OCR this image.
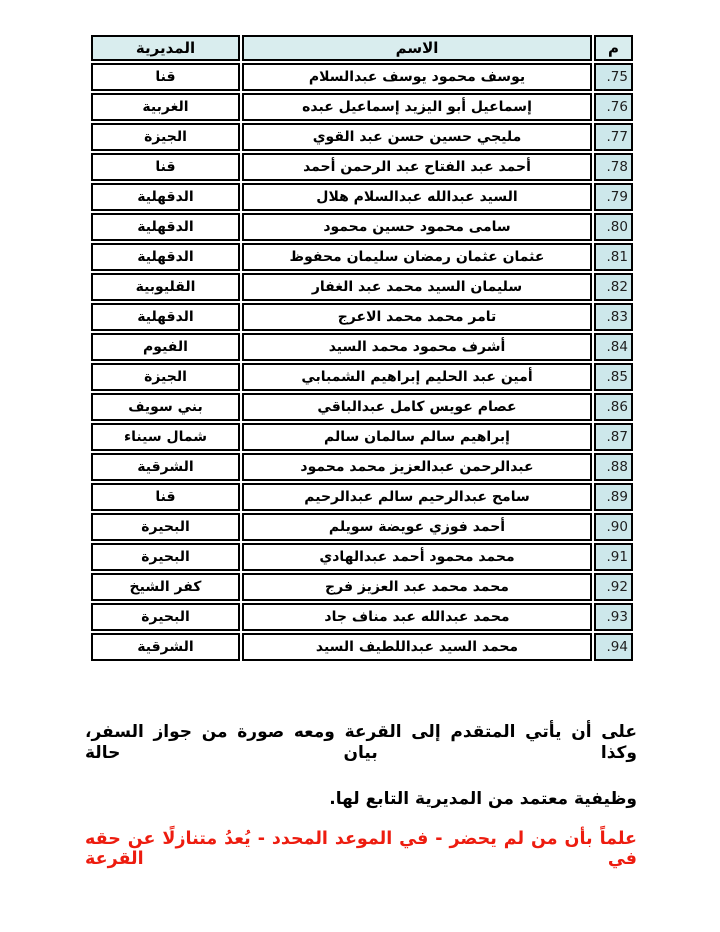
م	الاسم	المديرية
.75	يوسف محمود يوسف عبدالسلام	قنا
.76	إسماعيل أبو اليزيد إسماعيل عبده	الغربية
.77	مليجي حسين حسن عبد القوي	الجيزة
.78	أحمد عبد الفتاح عبد الرحمن أحمد	قنا
.79	السيد عبدالله عبدالسلام هلال	الدقهلية
.80	سامى محمود حسين محمود	الدقهلية
.81	عثمان عثمان رمضان سليمان محفوظ	الدقهلية
.82	سليمان السيد محمد عبد الغفار	القليوبية
.83	تامر محمد محمد الاعرج	الدقهلية
.84	أشرف محمود محمد السيد	الفيوم
.85	أمين عبد الحليم إبراهيم الشمبابي	الجيزة
.86	عصام عويس كامل عبدالباقي	بني سويف
.87	إبراهيم سالم سالمان سالم	شمال سيناء
.88	عبدالرحمن عبدالعزيز محمد محمود	الشرقية
.89	سامح عبدالرحيم سالم عبدالرحيم	قنا
.90	أحمد فوزي عويضة سويلم	البحيرة
.91	محمد محمود أحمد عبدالهادي	البحيرة
.92	محمد محمد عبد العزيز فرج	كفر الشيخ
.93	محمد عبدالله عبد مناف جاد	البحيرة
.94	محمد السيد عبداللطيف السيد	الشرقية

على أن يأتي المتقدم إلى القرعة ومعه صورة من جواز السفر، وكذا بيان حالة

وظيفية معتمد من المديرية التابع لها.

علماً بأن من لم يحضر - في الموعد المحدد - يُعدُ متنازلًا عن حقه في القرعة
